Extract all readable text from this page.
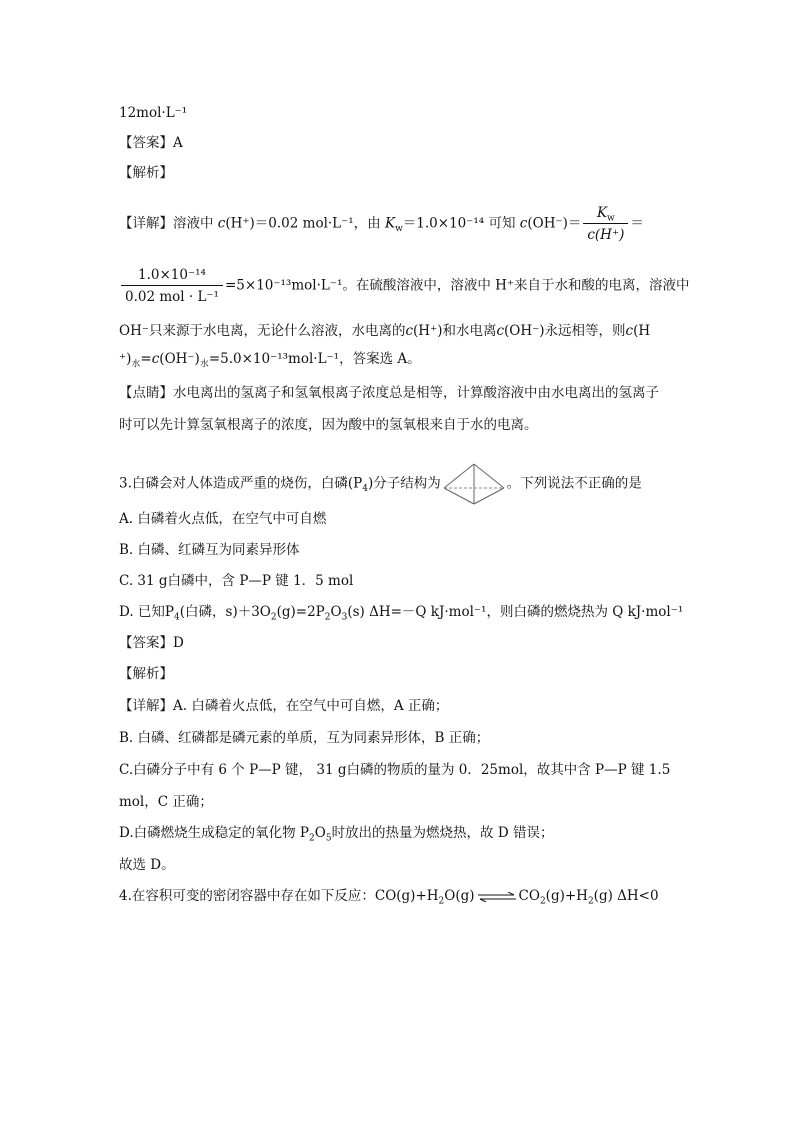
12mol·L⁻¹
【答案】A
【解析】
【详解】溶液中 c(H⁺)＝0.02 mol·L⁻¹，由 $K_w=1.0\times 10^{-14}$ 可知 $c(OH^-)= \frac{K_w}{c(H^+)}$ ＝
$\frac{\text{1.0×10⁻¹⁴}}{\text{0.02 mol · L⁻¹}} =5\times 10^{-13}mol\cdot L^{-1}$。在硫酸溶液中，溶液中 H⁺来自于水和酸的电离，溶液中
OH⁻只来源于水电离，无论什么溶液，水电离的c(H⁺)和水电离c(OH⁻)永远相等，则c(H
$^+)_水=c(OH^-)_水=5.0\times 10^{-13}mol\cdot L^{-1}$，答案选 A。
【点睛】水电离出的氢离子和氢氧根离子浓度总是相等，计算酸溶液中由水电离出的氢离子
时可以先计算氢氧根离子的浓度，因为酸中的氢氧根来自于水的电离。
3.白磷会对人体造成严重的烧伤，白磷$(P_4)$分子结构为	。下列说法不正确的是
A. 白磷着火点低，在空气中可自燃
B. 白磷、红磷互为同素异形体
C. 31 g白磷中，含 P—P 键 1．5 mol
D. 已知$P_4$(白磷，$s)+3O_2(g)=2P_2O_3(s)$ ΔH=－Q kJ·mol⁻¹，则白磷的燃烧热为 Q kJ·mol⁻¹
【答案】D
【解析】
【详解】A. 白磷着火点低，在空气中可自燃，A 正确；
B. 白磷、红磷都是磷元素的单质，互为同素异形体，B 正确；
C.白磷分子中有 6 个 P—P 键， 31 g白磷的物质的量为 0．25mol，故其中含 P—P 键 1.5
mol，C 正确；
D.白磷燃烧生成稳定的氧化物 $P_2O_5$时放出的热量为燃烧热，故 D 错误；
故选 D。
4.在容积可变的密闭容器中存在如下反应：$CO(g)+H_2O(g)$ ⇌ $CO_2(g)+H_2(g)$ ΔH<0
